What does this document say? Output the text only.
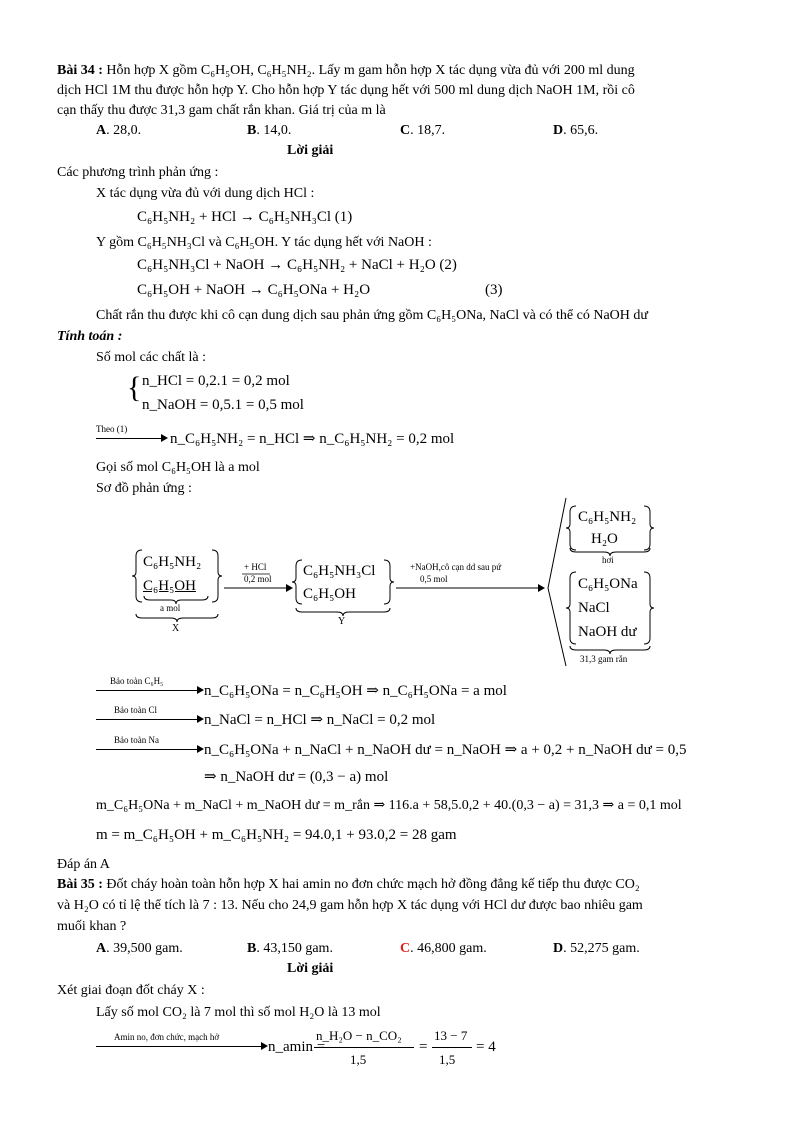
Bài 34 : Hỗn hợp X gồm C₆H₅OH, C₆H₅NH₂. Lấy m gam hỗn hợp X tác dụng vừa đủ với 200 ml dung
dịch HCl 1M thu được hỗn hợp Y. Cho hỗn hợp Y tác dụng hết với 500 ml dung dịch NaOH 1M, rồi cô
cạn thấy thu được 31,3 gam chất rắn khan. Giá trị của m là
A. 28,0.	B. 14,0.	C. 18,7.	D. 65,6.
Lời giải
Các phương trình phản ứng :
X tác dụng vừa đủ với dung dịch HCl :
C₆H₅NH₂ + HCl → C₆H₅NH₃Cl (1)
Y gồm C₆H₅NH₃Cl và C₆H₅OH. Y tác dụng hết với NaOH :
C₆H₅NH₃Cl + NaOH → C₆H₅NH₂ + NaCl + H₂O (2)
C₆H₅OH + NaOH → C₆H₅ONa + H₂O	(3)
Chất rắn thu được khi cô cạn dung dịch sau phản ứng gồm C₆H₅ONa, NaCl và có thể có NaOH dư
Tính toán :
Số mol các chất là :
{ n_HCl = 0,2.1 = 0,2 mol
n_NaOH = 0,5.1 = 0,5 mol
Theo (1)
n_C₆H₅NH₂ = n_HCl ⇒ n_C₆H₅NH₂ = 0,2 mol
Gọi số mol C₆H₅OH là a mol
Sơ đồ phản ứng :
C₆H₅NH₂
C₆H₅OH
a mol
X
+ HCl
0,2 mol C₆H₅NH₃Cl
C₆H₅OH
Y
+NaOH,cô cạn dd sau pứ
0,5 mol
C₆H₅NH₂
H₂O
hơi
C₆H₅ONa
NaCl
NaOH dư
31,3 gam rắn
Bảo toàn C₆H₅
n_C₆H₅ONa = n_C₆H₅OH ⇒ n_C₆H₅ONa = a mol
Bảo toàn Cl
n_NaCl = n_HCl ⇒ n_NaCl = 0,2 mol
Bảo toàn Na
n_C₆H₅ONa + n_NaCl + n_NaOH dư = n_NaOH ⇒ a + 0,2 + n_NaOH dư = 0,5
⇒ n_NaOH dư = (0,3 − a) mol
m_C₆H₅ONa + m_NaCl + m_NaOH dư = m_rắn ⇒ 116.a + 58,5.0,2 + 40.(0,3 − a) = 31,3 ⇒ a = 0,1 mol
m = m_C₆H₅OH + m_C₆H₅NH₂ = 94.0,1 + 93.0,2 = 28 gam
Đáp án A
Bài 35 : Đốt cháy hoàn toàn hỗn hợp X hai amin no đơn chức mạch hở đồng đẳng kế tiếp thu được CO₂
và H₂O có tỉ lệ thể tích là 7 : 13. Nếu cho 24,9 gam hỗn hợp X tác dụng với HCl dư được bao nhiêu gam
muối khan ?
A. 39,500 gam.	B. 43,150 gam.	C. 46,800 gam.	D. 52,275 gam.
Lời giải
Xét giai đoạn đốt cháy X :
Lấy số mol CO₂ là 7 mol thì số mol H₂O là 13 mol
Amin no, đơn chức, mạch hở
n_amin =
n_H₂O − n_CO₂
1,5
=
13 − 7
1,5
= 4
